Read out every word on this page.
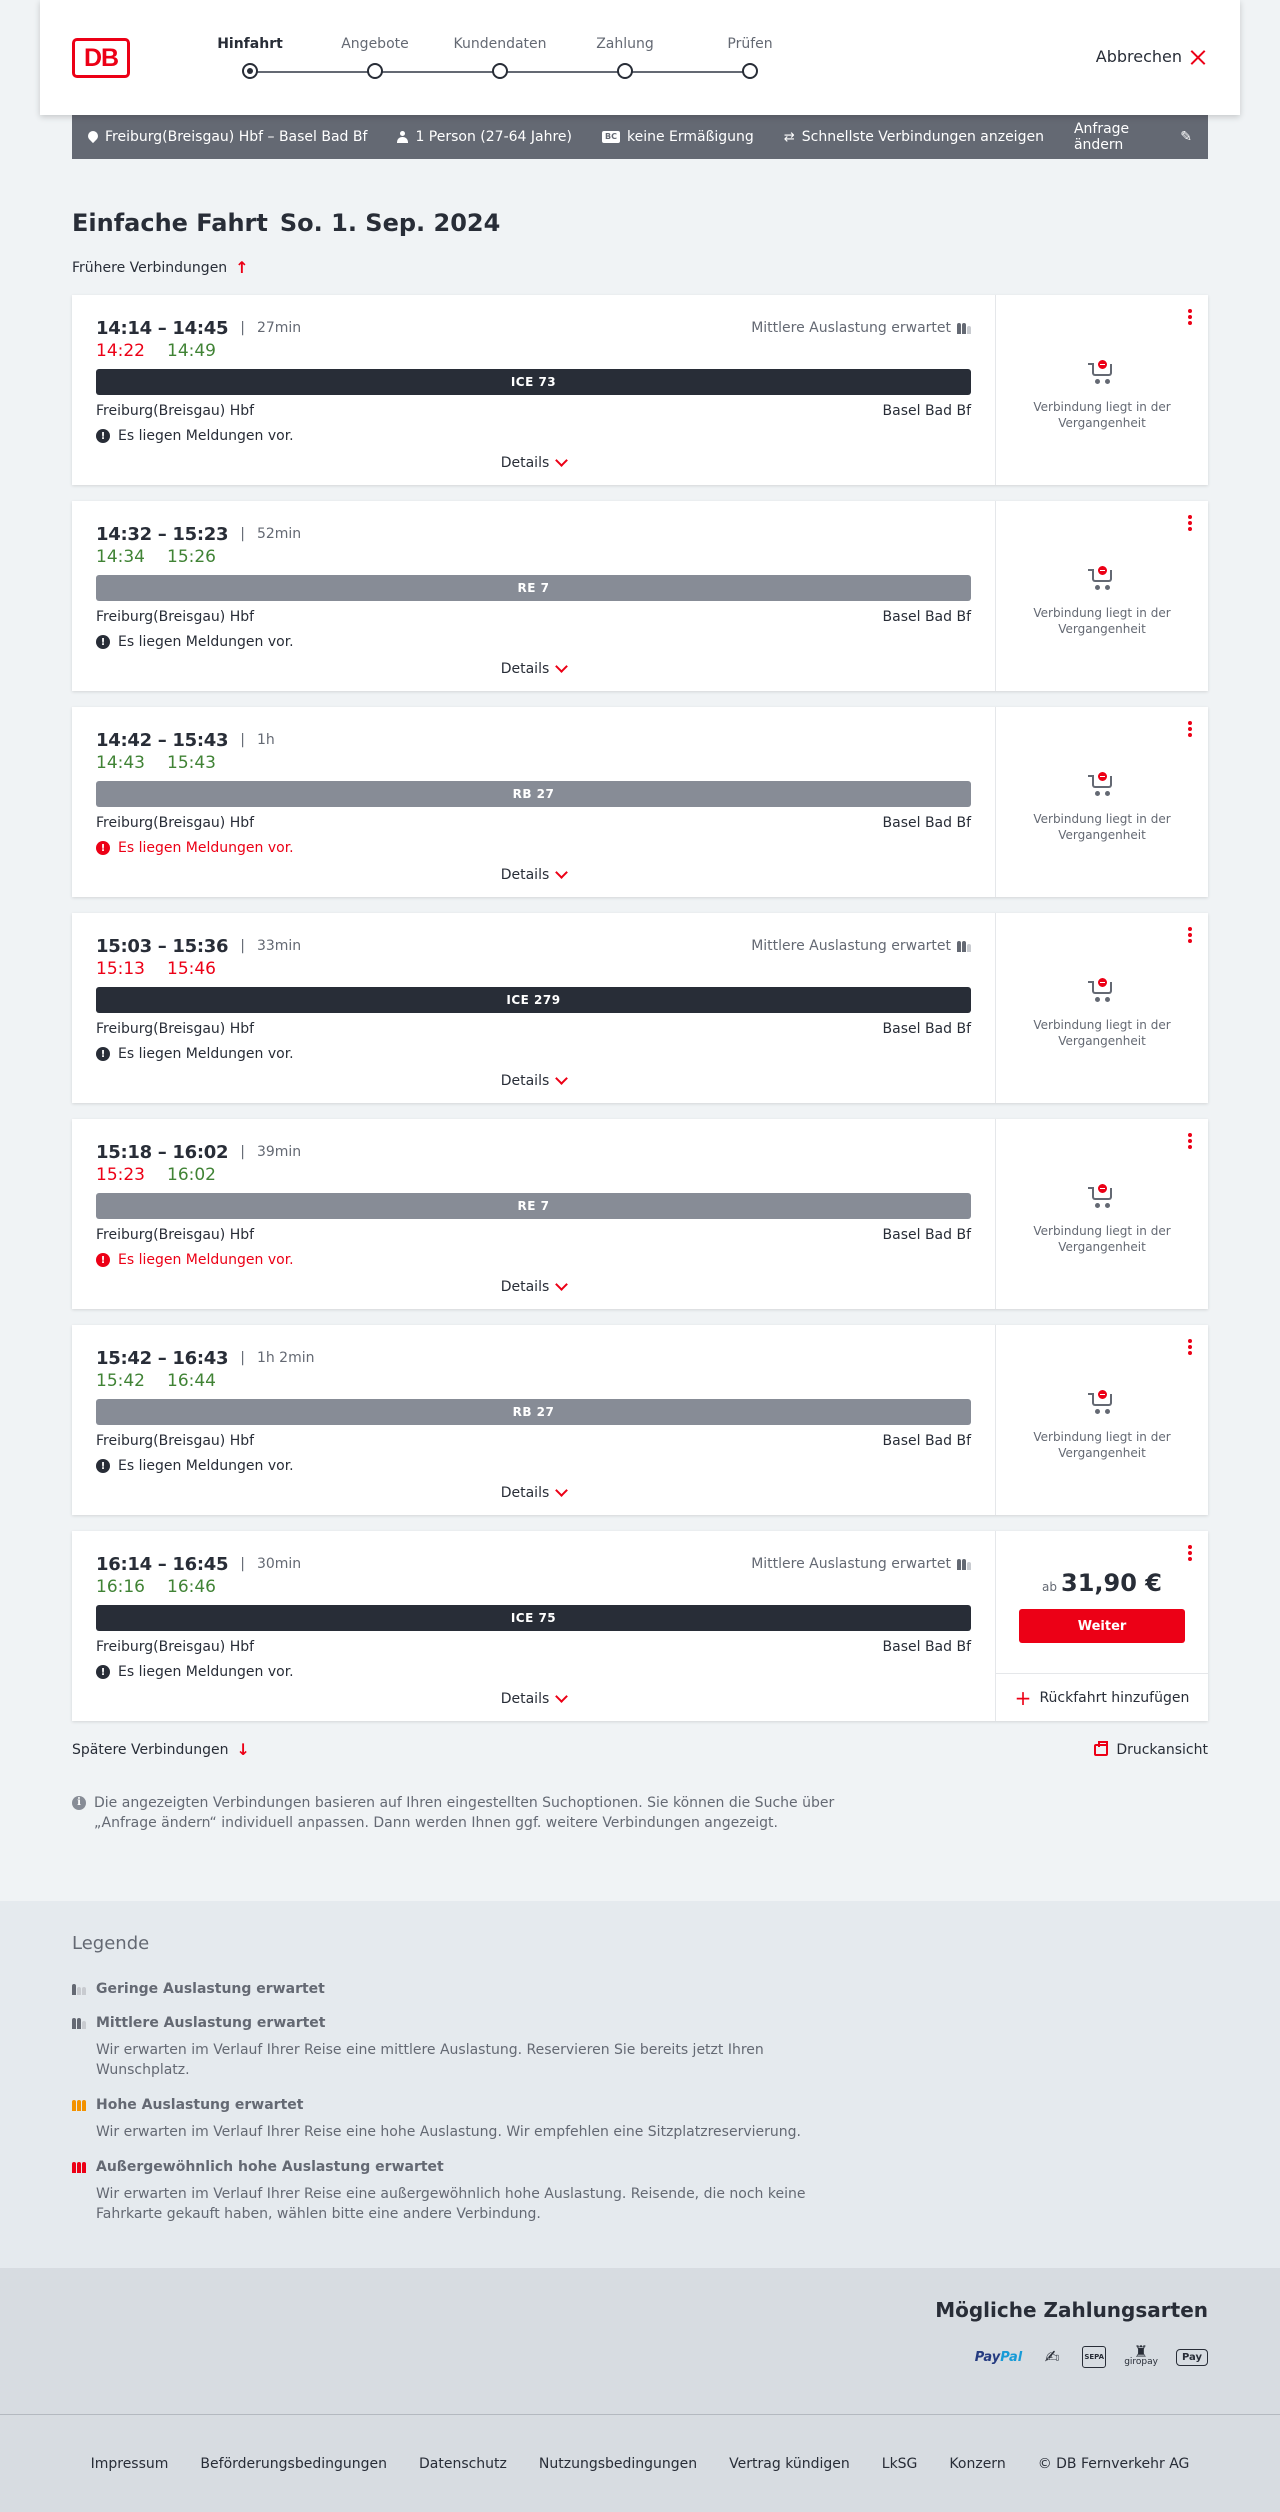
DB	Hinfahrt	Angebote	Kundendaten	Zahlung	Prüfen
Abbrechen
Freiburg(Breisgau) Hbf – Basel Bad Bf	1 Person (27-64 Jahre)	BC keine Ermäßigung ⇄ Schnellste Verbindungen anzeigen Anfrage ändern	✎
Einfache Fahrt So. 1. Sep. 2024
Frühere Verbindungen ↑
14:14 – 14:45 | 27min	Mittlere Auslastung erwartet
14:22 14:49
ICE 73
Freiburg(Breisgau) Hbf	Basel Bad Bf
! Es liegen Meldungen vor.
Details
Verbindung liegt in der Vergangenheit
14:32 – 15:23 | 52min
14:34 15:26
RE 7
Freiburg(Breisgau) Hbf	Basel Bad Bf
! Es liegen Meldungen vor.
Details
Verbindung liegt in der Vergangenheit
14:42 – 15:43 | 1h
14:43 15:43
RB 27
Freiburg(Breisgau) Hbf	Basel Bad Bf
! Es liegen Meldungen vor.
Details
Verbindung liegt in der Vergangenheit
15:03 – 15:36 | 33min	Mittlere Auslastung erwartet
15:13 15:46
ICE 279
Freiburg(Breisgau) Hbf	Basel Bad Bf
! Es liegen Meldungen vor.
Details
Verbindung liegt in der Vergangenheit
15:18 – 16:02 | 39min
15:23 16:02
RE 7
Freiburg(Breisgau) Hbf	Basel Bad Bf
! Es liegen Meldungen vor.
Details
Verbindung liegt in der Vergangenheit
15:42 – 16:43 | 1h 2min
15:42 16:44
RB 27
Freiburg(Breisgau) Hbf	Basel Bad Bf
! Es liegen Meldungen vor.
Details
Verbindung liegt in der Vergangenheit
16:14 – 16:45 | 30min	Mittlere Auslastung erwartet
16:16 16:46
ICE 75
Freiburg(Breisgau) Hbf	Basel Bad Bf
! Es liegen Meldungen vor.
Details
ab 31,90 €
Weiter
+ Rückfahrt hinzufügen
Spätere Verbindungen ↓	Druckansicht
i Die angezeigten Verbindungen basieren auf Ihren eingestellten Suchoptionen. Sie können die Suche über „Anfrage ändern“ individuell anpassen. Dann werden Ihnen ggf. weitere Verbindungen angezeigt.
Legende
Geringe Auslastung erwartet
Mittlere Auslastung erwartet
Wir erwarten im Verlauf Ihrer Reise eine mittlere Auslastung. Reservieren Sie bereits jetzt Ihren Wunschplatz.
Hohe Auslastung erwartet
Wir erwarten im Verlauf Ihrer Reise eine hohe Auslastung. Wir empfehlen eine Sitzplatzreservierung.
Außergewöhnlich hohe Auslastung erwartet
Wir erwarten im Verlauf Ihrer Reise eine außergewöhnlich hohe Auslastung. Reisende, die noch keine Fahrkarte gekauft haben, wählen bitte eine andere Verbindung.
Mögliche Zahlungsarten
Pay Pal ✍	SEPA ♜
giropay Pay
Impressum Beförderungsbedingungen Datenschutz Nutzungsbedingungen Vertrag kündigen LkSG Konzern © DB Fernverkehr AG
